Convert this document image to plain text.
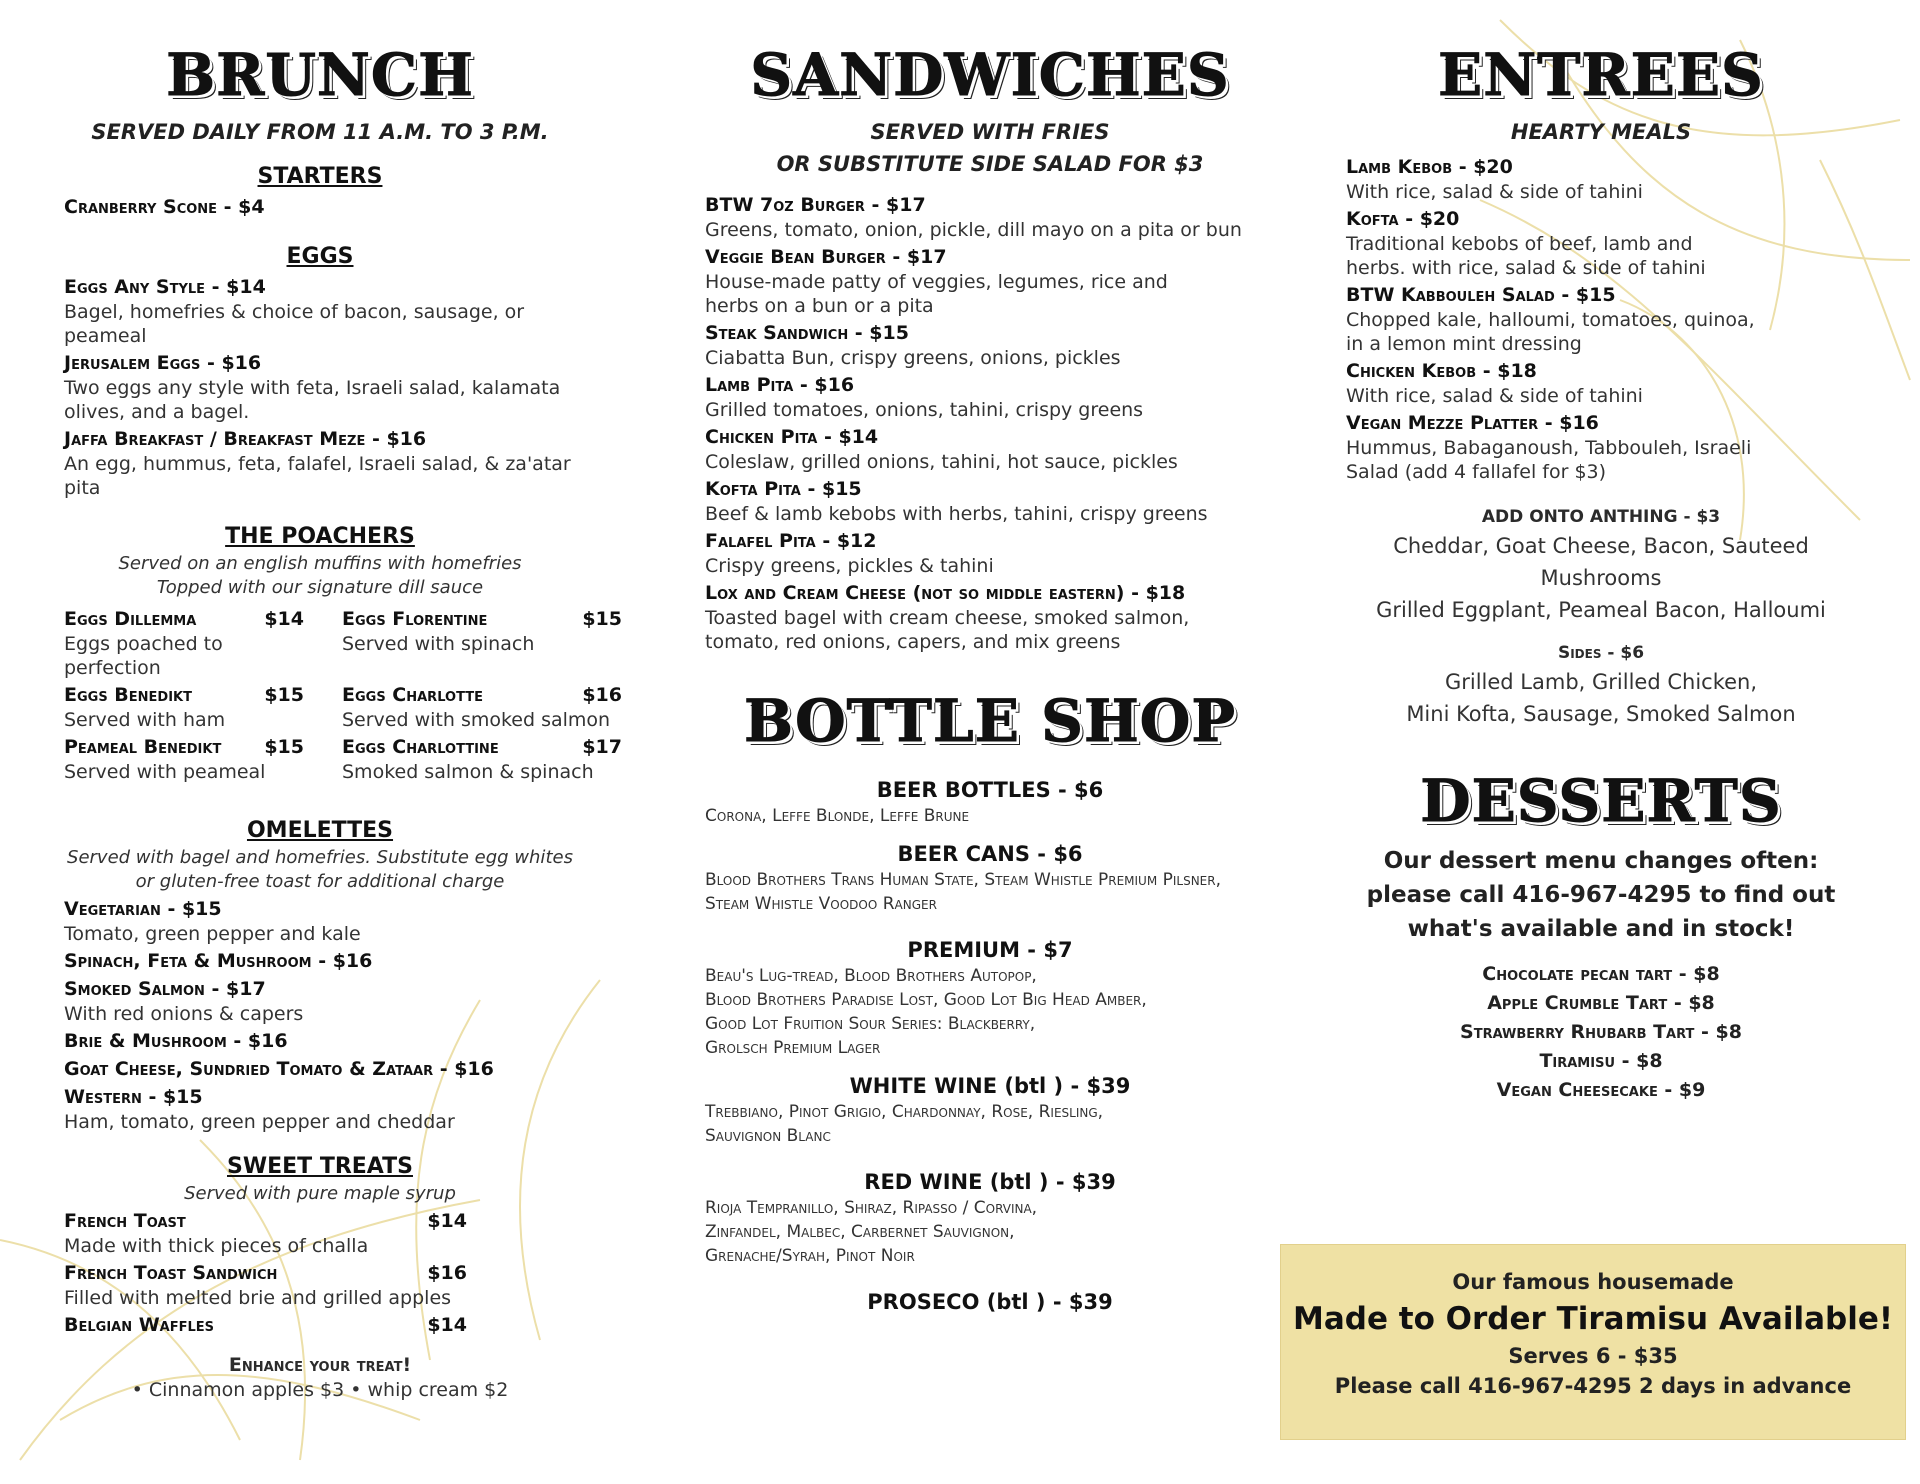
BRUNCH
SERVED DAILY FROM 11 A.M. TO 3 P.M.
STARTERS
Cranberry Scone - $4
EGGS
Eggs Any Style - $14
Bagel, homefries & choice of bacon, sausage, or peameal
Jerusalem Eggs - $16
Two eggs any style with feta, Israeli salad, kalamata olives, and a bagel.
Jaffa Breakfast / Breakfast Meze - $16
An egg, hummus, feta, falafel, Israeli salad, & za'atar pita
THE POACHERS
Served on an english muffins with homefries
Topped with our signature dill sauce
Eggs Dillemma	$14
Eggs poached to perfection
Eggs Florentine	$15
Served with spinach
Eggs Benedikt	$15
Served with ham
Eggs Charlotte	$16
Served with smoked salmon
Peameal Benedikt $15
Served with peameal
Eggs Charlottine	$17
Smoked salmon & spinach
OMELETTES
Served with bagel and homefries. Substitute egg whites
or gluten-free toast for additional charge
Vegetarian - $15
Tomato, green pepper and kale
Spinach, Feta & Mushroom - $16
Smoked Salmon - $17
With red onions & capers
Brie & Mushroom - $16
Goat Cheese, Sundried Tomato & Zataar - $16
Western - $15
Ham, tomato, green pepper and cheddar
SWEET TREATS
Served with pure maple syrup
French Toast	$14
Made with thick pieces of challa
French Toast Sandwich	$16
Filled with melted brie and grilled apples
Belgian Waffles	$14
Enhance your treat!
• Cinnamon apples $3 • whip cream $2
SANDWICHES
SERVED WITH FRIES
OR SUBSTITUTE SIDE SALAD FOR $3
BTW 7oz Burger - $17
Greens, tomato, onion, pickle, dill mayo on a pita or bun
Veggie Bean Burger - $17
House-made patty of veggies, legumes, rice and herbs on a bun or a pita
Steak Sandwich - $15
Ciabatta Bun, crispy greens, onions, pickles
Lamb Pita - $16
Grilled tomatoes, onions, tahini, crispy greens
Chicken Pita - $14
Coleslaw, grilled onions, tahini, hot sauce, pickles
Kofta Pita - $15
Beef & lamb kebobs with herbs, tahini, crispy greens
Falafel Pita - $12
Crispy greens, pickles & tahini
Lox and Cream Cheese (not so middle eastern) - $18
Toasted bagel with cream cheese, smoked salmon, tomato, red onions, capers, and mix greens
BOTTLE SHOP
BEER BOTTLES - $6
Corona, Leffe Blonde, Leffe Brune
BEER CANS - $6
Blood Brothers Trans Human State, Steam Whistle Premium Pilsner,
Steam Whistle Voodoo Ranger
PREMIUM - $7
Beau's Lug-tread, Blood Brothers Autopop,
Blood Brothers Paradise Lost, Good Lot Big Head Amber,
Good Lot Fruition Sour Series: Blackberry,
Grolsch Premium Lager
WHITE WINE (btl ) - $39
Trebbiano, Pinot Grigio, Chardonnay, Rose, Riesling,
Sauvignon Blanc
RED WINE (btl ) - $39
Rioja Tempranillo, Shiraz, Ripasso / Corvina,
Zinfandel, Malbec, Carbernet Sauvignon,
Grenache/Syrah, Pinot Noir
PROSECO (btl ) - $39
ENTREES
HEARTY MEALS
Lamb Kebob - $20
With rice, salad & side of tahini
Kofta - $20
Traditional kebobs of beef, lamb and herbs. with rice, salad & side of tahini
BTW Kabbouleh Salad - $15
Chopped kale, halloumi, tomatoes, quinoa, in a lemon mint dressing
Chicken Kebob - $18
With rice, salad & side of tahini
Vegan Mezze Platter - $16
Hummus, Babaganoush, Tabbouleh, Israeli Salad (add 4 fallafel for $3)
ADD ONTO ANTHING - $3
Cheddar, Goat Cheese, Bacon, Sauteed Mushrooms
Grilled Eggplant, Peameal Bacon, Halloumi
Sides - $6
Grilled Lamb, Grilled Chicken,
Mini Kofta, Sausage, Smoked Salmon
DESSERTS
Our dessert menu changes often:
please call 416-967-4295 to find out
what's available and in stock!
Chocolate pecan tart - $8
Apple Crumble Tart - $8
Strawberry Rhubarb Tart - $8
Tiramisu - $8
Vegan Cheesecake - $9
Our famous housemade
Made to Order Tiramisu Available!
Serves 6 - $35
Please call 416-967-4295 2 days in advance
